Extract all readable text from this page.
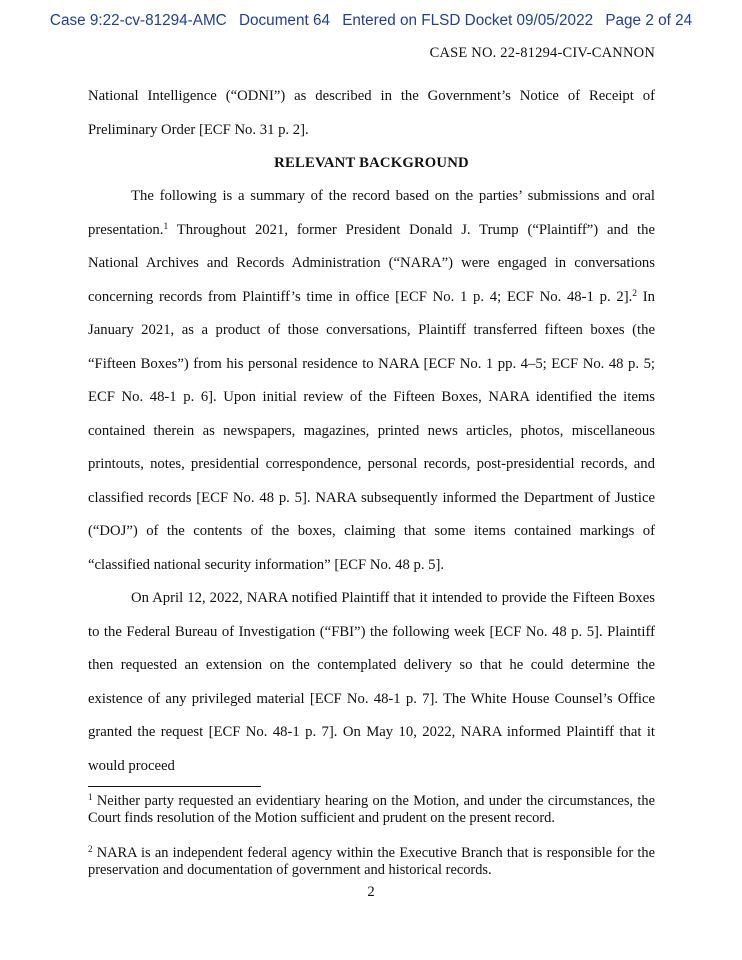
Case 9:22-cv-81294-AMC Document 64 Entered on FLSD Docket 09/05/2022 Page 2 of 24
CASE NO. 22-81294-CIV-CANNON

National Intelligence (“ODNI”) as described in the Government’s Notice of Receipt of Preliminary Order [ECF No. 31 p. 2].

RELEVANT BACKGROUND

The following is a summary of the record based on the parties’ submissions and oral presentation.$^1$ Throughout 2021, former President Donald J. Trump (“Plaintiff”) and the National Archives and Records Administration (“NARA”) were engaged in conversations concerning records from Plaintiff’s time in office [ECF No. 1 p. 4; ECF No. 48-1 p. 2].$^2$ In January 2021, as a product of those conversations, Plaintiff transferred fifteen boxes (the “Fifteen Boxes”) from his personal residence to NARA [ECF No. 1 pp. 4–5; ECF No. 48 p. 5; ECF No. 48-1 p. 6]. Upon initial review of the Fifteen Boxes, NARA identified the items contained therein as newspapers, magazines, printed news articles, photos, miscellaneous printouts, notes, presidential correspondence, personal records, post-presidential records, and classified records [ECF No. 48 p. 5]. NARA subsequently informed the Department of Justice (“DOJ”) of the contents of the boxes, claiming that some items contained markings of “classified national security information” [ECF No. 48 p. 5].

On April 12, 2022, NARA notified Plaintiff that it intended to provide the Fifteen Boxes to the Federal Bureau of Investigation (“FBI”) the following week [ECF No. 48 p. 5]. Plaintiff then requested an extension on the contemplated delivery so that he could determine the existence of any privileged material [ECF No. 48-1 p. 7]. The White House Counsel’s Office granted the request [ECF No. 48-1 p. 7]. On May 10, 2022, NARA informed Plaintiff that it would proceed

$^1$ Neither party requested an evidentiary hearing on the Motion, and under the circumstances, the Court finds resolution of the Motion sufficient and prudent on the present record.

$^2$ NARA is an independent federal agency within the Executive Branch that is responsible for the preservation and documentation of government and historical records.

2
